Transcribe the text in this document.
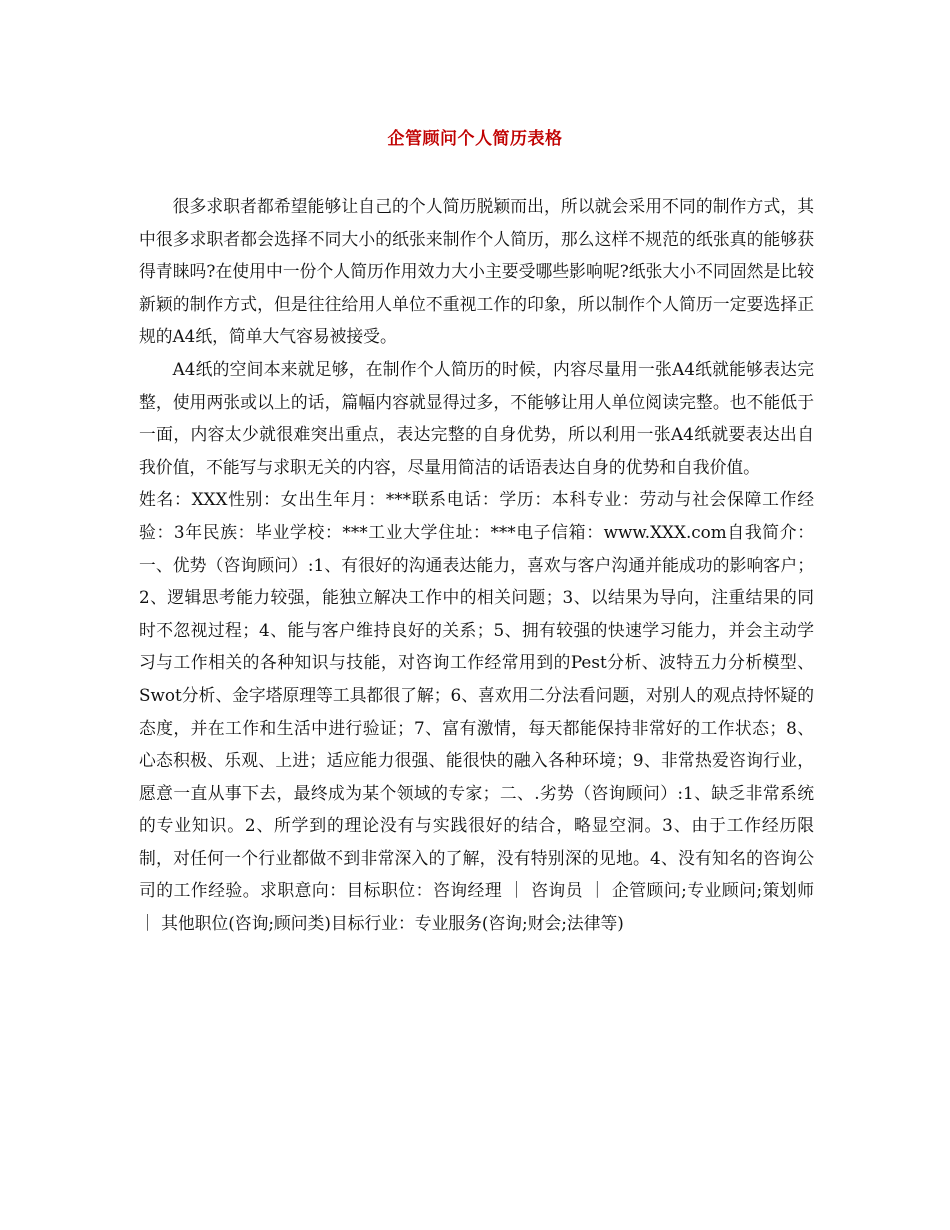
企管顾问个人简历表格

很多求职者都希望能够让自己的个人简历脱颖而出，所以就会采用不同的制作方式，其中很多求职者都会选择不同大小的纸张来制作个人简历，那么这样不规范的纸张真的能够获得青睐吗?在使用中一份个人简历作用效力大小主要受哪些影响呢?纸张大小不同固然是比较新颖的制作方式，但是往往给用人单位不重视工作的印象，所以制作个人简历一定要选择正规的A4纸，简单大气容易被接受。

A4纸的空间本来就足够，在制作个人简历的时候，内容尽量用一张A4纸就能够表达完整，使用两张或以上的话，篇幅内容就显得过多，不能够让用人单位阅读完整。也不能低于一面，内容太少就很难突出重点，表达完整的自身优势，所以利用一张A4纸就要表达出自我价值，不能写与求职无关的内容，尽量用简洁的话语表达自身的优势和自我价值。

姓名：XXX性别：女出生年月：***联系电话：学历：本科专业：劳动与社会保障工作经验：3年民族：毕业学校：***工业大学住址：***电子信箱：www.XXX.com自我简介：一、优势（咨询顾问）:1、有很好的沟通表达能力，喜欢与客户沟通并能成功的影响客户；2、逻辑思考能力较强，能独立解决工作中的相关问题；3、以结果为导向，注重结果的同时不忽视过程；4、能与客户维持良好的关系；5、拥有较强的快速学习能力，并会主动学习与工作相关的各种知识与技能，对咨询工作经常用到的Pest分析、波特五力分析模型、Swot分析、金字塔原理等工具都很了解；6、喜欢用二分法看问题，对别人的观点持怀疑的态度，并在工作和生活中进行验证；7、富有激情，每天都能保持非常好的工作状态；8、心态积极、乐观、上进；适应能力很强、能很快的融入各种环境；9、非常热爱咨询行业，愿意一直从事下去，最终成为某个领域的专家；二、.劣势（咨询顾问）:1、缺乏非常系统的专业知识。2、所学到的理论没有与实践很好的结合，略显空洞。3、由于工作经历限制，对任何一个行业都做不到非常深入的了解，没有特别深的见地。4、没有知名的咨询公司的工作经验。求职意向：目标职位：咨询经理 ｜ 咨询员 ｜ 企管顾问;专业顾问;策划师 ｜ 其他职位(咨询;顾问类)目标行业：专业服务(咨询;财会;法律等)
